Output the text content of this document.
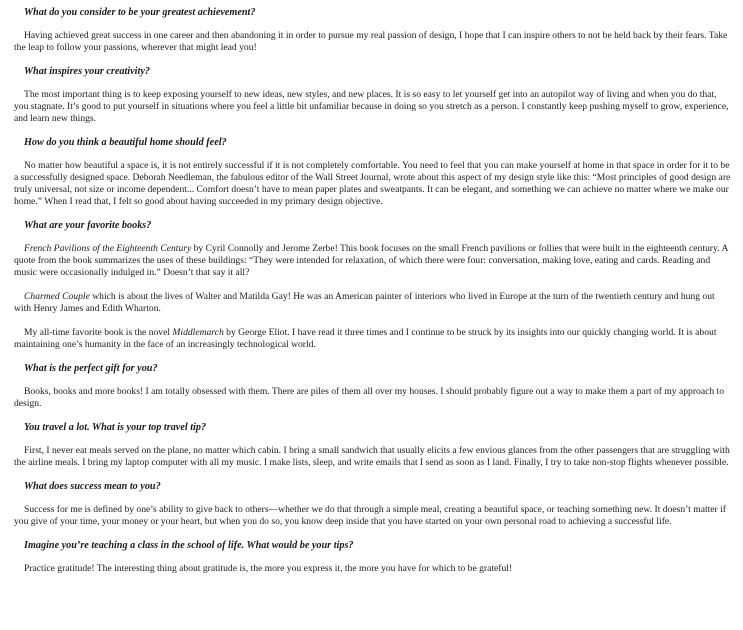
What do you consider to be your greatest achievement?

Having achieved great success in one career and then abandoning it in order to pursue my real passion of design, I hope that I can inspire others to not be held back by their fears. Take the leap to follow your passions, wherever that might lead you!

What inspires your creativity?

The most important thing is to keep exposing yourself to new ideas, new styles, and new places. It is so easy to let yourself get into an autopilot way of living and when you do that, you stagnate. It’s good to put yourself in situations where you feel a little bit unfamiliar because in doing so you stretch as a person. I constantly keep pushing myself to grow, experience, and learn new things.

How do you think a beautiful home should feel?

No matter how beautiful a space is, it is not entirely successful if it is not completely comfortable. You need to feel that you can make yourself at home in that space in order for it to be a successfully designed space. Deborah Needleman, the fabulous editor of the Wall Street Journal, wrote about this aspect of my design style like this: “Most principles of good design are truly universal, not size or income dependent... Comfort doesn’t have to mean paper plates and sweatpants. It can be elegant, and something we can achieve no matter where we make our home.” When I read that, I felt so good about having succeeded in my primary design objective.

What are your favorite books?

French Pavilions of the Eighteenth Century by Cyril Connolly and Jerome Zerbe! This book focuses on the small French pavilions or follies that were built in the eighteenth century. A quote from the book summarizes the uses of these buildings: “They were intended for relaxation, of which there were four: conversation, making love, eating and cards. Reading and music were occasionally indulged in.” Doesn’t that say it all?

Charmed Couple which is about the lives of Walter and Matilda Gay! He was an American painter of interiors who lived in Europe at the turn of the twentieth century and hung out with Henry James and Edith Wharton.

My all-time favorite book is the novel Middlemarch by George Eliot. I have read it three times and I continue to be struck by its insights into our quickly changing world. It is about maintaining one’s humanity in the face of an increasingly technological world.

What is the perfect gift for you?

Books, books and more books! I am totally obsessed with them. There are piles of them all over my houses. I should probably figure out a way to make them a part of my approach to design.

You travel a lot. What is your top travel tip?

First, I never eat meals served on the plane, no matter which cabin. I bring a small sandwich that usually elicits a few envious glances from the other passengers that are struggling with the airline meals. I bring my laptop computer with all my music. I make lists, sleep, and write emails that I send as soon as I land. Finally, I try to take non-stop flights whenever possible.

What does success mean to you?

Success for me is defined by one’s ability to give back to others—whether we do that through a simple meal, creating a beautiful space, or teaching something new. It doesn’t matter if you give of your time, your money or your heart, but when you do so, you know deep inside that you have started on your own personal road to achieving a successful life.

Imagine you’re teaching a class in the school of life. What would be your tips?

Practice gratitude! The interesting thing about gratitude is, the more you express it, the more you have for which to be grateful!
